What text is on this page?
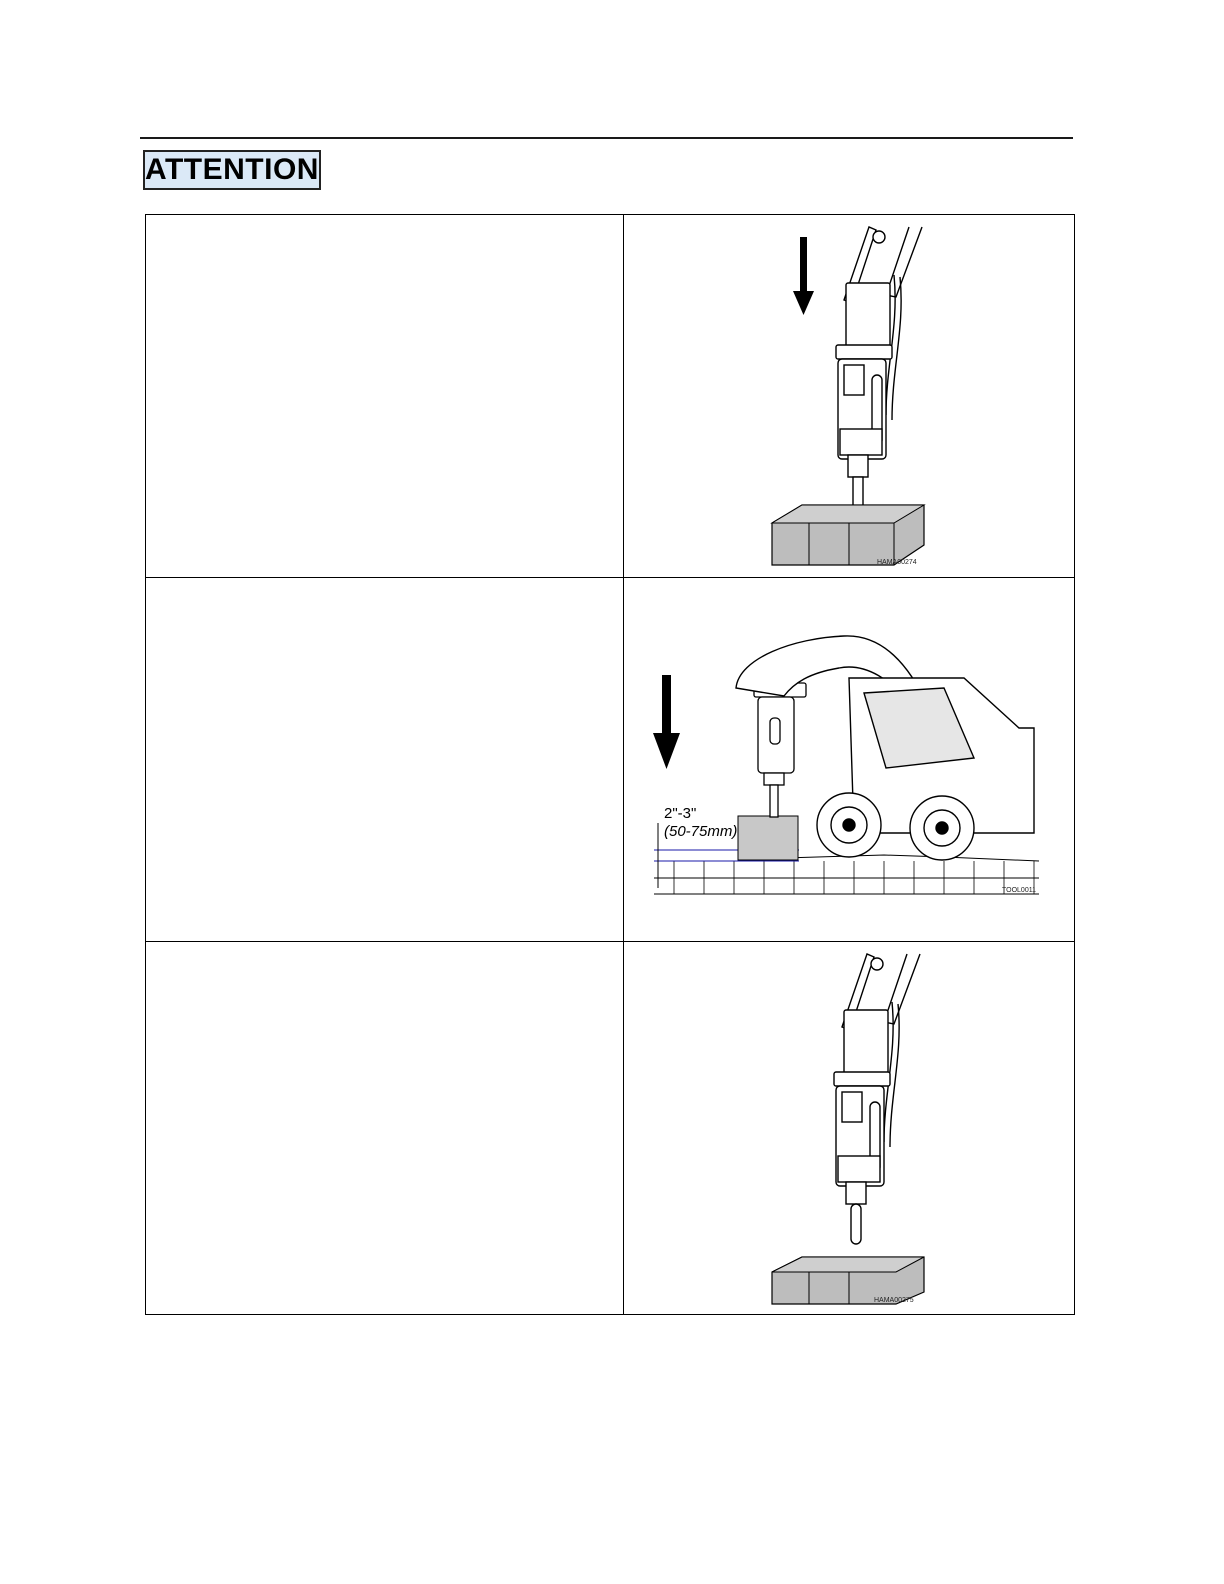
ATTENTION

HAMA00274

2"-3"
(50-75mm)
TOOL0011

HAMA00275
